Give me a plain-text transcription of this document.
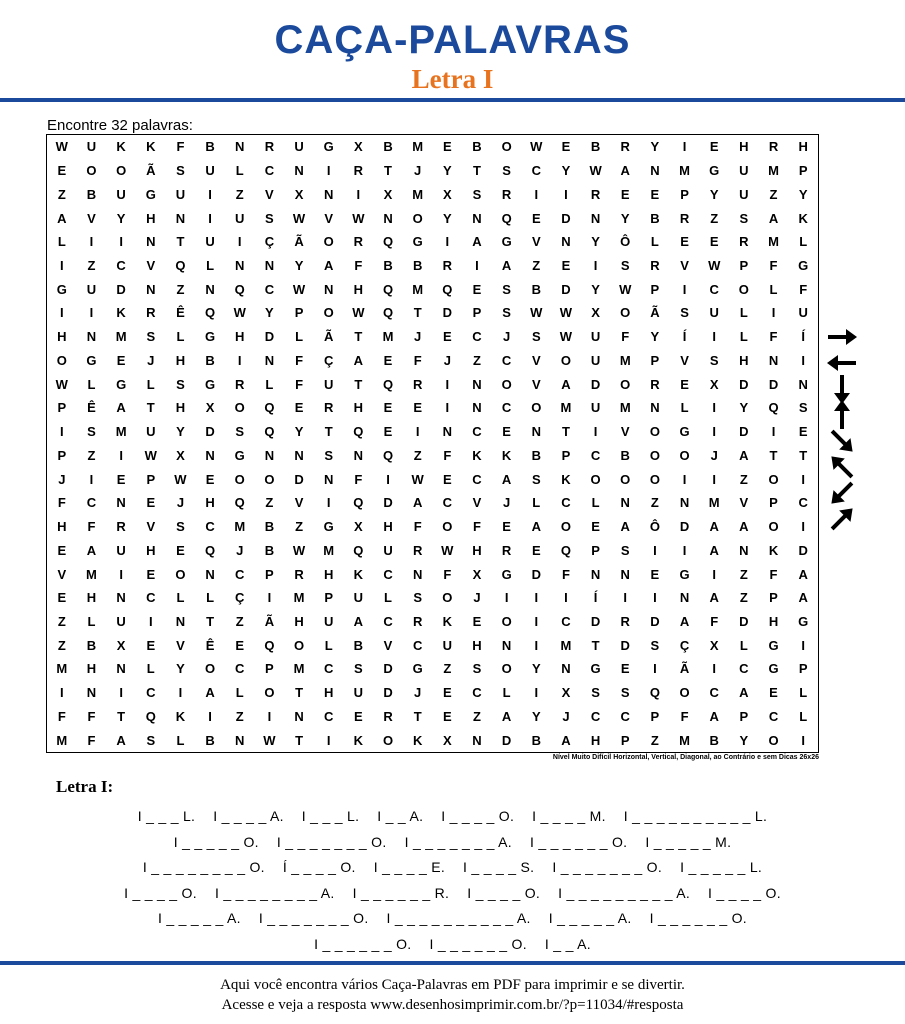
CAÇA-PALAVRAS
Letra I
Encontre 32 palavras:
W	U	K	K	F	B	N	R	U	G	X	B	M	E	B	O	W	E	B	R	Y	I	E	H	R	H
E	O	O	Ã	S	U	L	C	N	I	R	T	J	Y	T	S	C	Y	W	A	N	M	G	U	M	P
Z	B	U	G	U	I	Z	V	X	N	I	X	M	X	S	R	I	I	R	E	E	P	Y	U	Z	Y
A	V	Y	H	N	I	U	S	W	V	W	N	O	Y	N	Q	E	D	N	Y	B	R	Z	S	A	K
L	I	I	N	T	U	I	Ç	Ã	O	R	Q	G	I	A	G	V	N	Y	Ô	L	E	E	R	M	L
I	Z	C	V	Q	L	N	N	Y	A	F	B	B	R	I	A	Z	E	I	S	R	V	W	P	F	G
G	U	D	N	Z	N	Q	C	W	N	H	Q	M	Q	E	S	B	D	Y	W	P	I	C	O	L	F
I	I	K	R	Ê	Q	W	Y	P	O	W	Q	T	D	P	S	W	W	X	O	Ã	S	U	L	I	U
H	N	M	S	L	G	H	D	L	Ã	T	M	J	E	C	J	S	W	U	F	Y	Í	I	L	F	Í
O	G	E	J	H	B	I	N	F	Ç	A	E	F	J	Z	C	V	O	U	M	P	V	S	H	N	I
W	L	G	L	S	G	R	L	F	U	T	Q	R	I	N	O	V	A	D	O	R	E	X	D	D	N
P	Ê	A	T	H	X	O	Q	E	R	H	E	E	I	N	C	O	M	U	M	N	L	I	Y	Q	S
I	S	M	U	Y	D	S	Q	Y	T	Q	E	I	N	C	E	N	T	I	V	O	G	I	D	I	E
P	Z	I	W	X	N	G	N	N	S	N	Q	Z	F	K	K	B	P	C	B	O	O	J	A	T	T
J	I	E	P	W	E	O	O	D	N	F	I	W	E	C	A	S	K	O	O	O	I	I	Z	O	I
F	C	N	E	J	H	Q	Z	V	I	Q	D	A	C	V	J	L	C	L	N	Z	N	M	V	P	C
H	F	R	V	S	C	M	B	Z	G	X	H	F	O	F	E	A	O	E	A	Ô	D	A	A	O	I
E	A	U	H	E	Q	J	B	W	M	Q	U	R	W	H	R	E	Q	P	S	I	I	A	N	K	D
V	M	I	E	O	N	C	P	R	H	K	C	N	F	X	G	D	F	N	N	E	G	I	Z	F	A
E	H	N	C	L	L	Ç	I	M	P	U	L	S	O	J	I	I	I	Í	I	I	N	A	Z	P	A
Z	L	U	I	N	T	Z	Ã	H	U	A	C	R	K	E	O	I	C	D	R	D	A	F	D	H	G
Z	B	X	E	V	Ê	E	Q	O	L	B	V	C	U	H	N	I	M	T	D	S	Ç	X	L	G	I
M	H	N	L	Y	O	C	P	M	C	S	D	G	Z	S	O	Y	N	G	E	I	Ã	I	C	G	P
I	N	I	C	I	A	L	O	T	H	U	D	J	E	C	L	I	X	S	S	Q	O	C	A	E	L
F	F	T	Q	K	I	Z	I	N	C	E	R	T	E	Z	A	Y	J	C	C	P	F	A	P	C	L
M	F	A	S	L	B	N	W	T	I	K	O	K	X	N	D	B	A	H	P	Z	M	B	Y	O	I
Nível Muito Difícil Horizontal, Vertical, Diagonal, ao Contrário e sem Dicas 26x26
Letra I:
I _ _ _ L. I _ _ _ _ A. I _ _ _ L. I _ _ A. I _ _ _ _ O. I _ _ _ _ M. I _ _ _ _ _ _ _ _ _ _ L.
I _ _ _ _ _ O. I _ _ _ _ _ _ _ O. I _ _ _ _ _ _ _ A. I _ _ _ _ _ _ O. I _ _ _ _ _ M.
I _ _ _ _ _ _ _ _ O. Í _ _ _ _ O. I _ _ _ _ E. I _ _ _ _ S. I _ _ _ _ _ _ _ O. I _ _ _ _ _ L.
I _ _ _ _ O. I _ _ _ _ _ _ _ _ A. I _ _ _ _ _ _ R. I _ _ _ _ O. I _ _ _ _ _ _ _ _ _ A. I _ _ _ _ O.
I _ _ _ _ _ A. I _ _ _ _ _ _ _ O. I _ _ _ _ _ _ _ _ _ _ A. I _ _ _ _ _ A. I _ _ _ _ _ _ O.
I _ _ _ _ _ _ O. I _ _ _ _ _ _ O. I _ _ A.
Aqui você encontra vários Caça-Palavras em PDF para imprimir e se divertir.
Acesse e veja a resposta www.desenhosimprimir.com.br/?p=11034/#resposta
